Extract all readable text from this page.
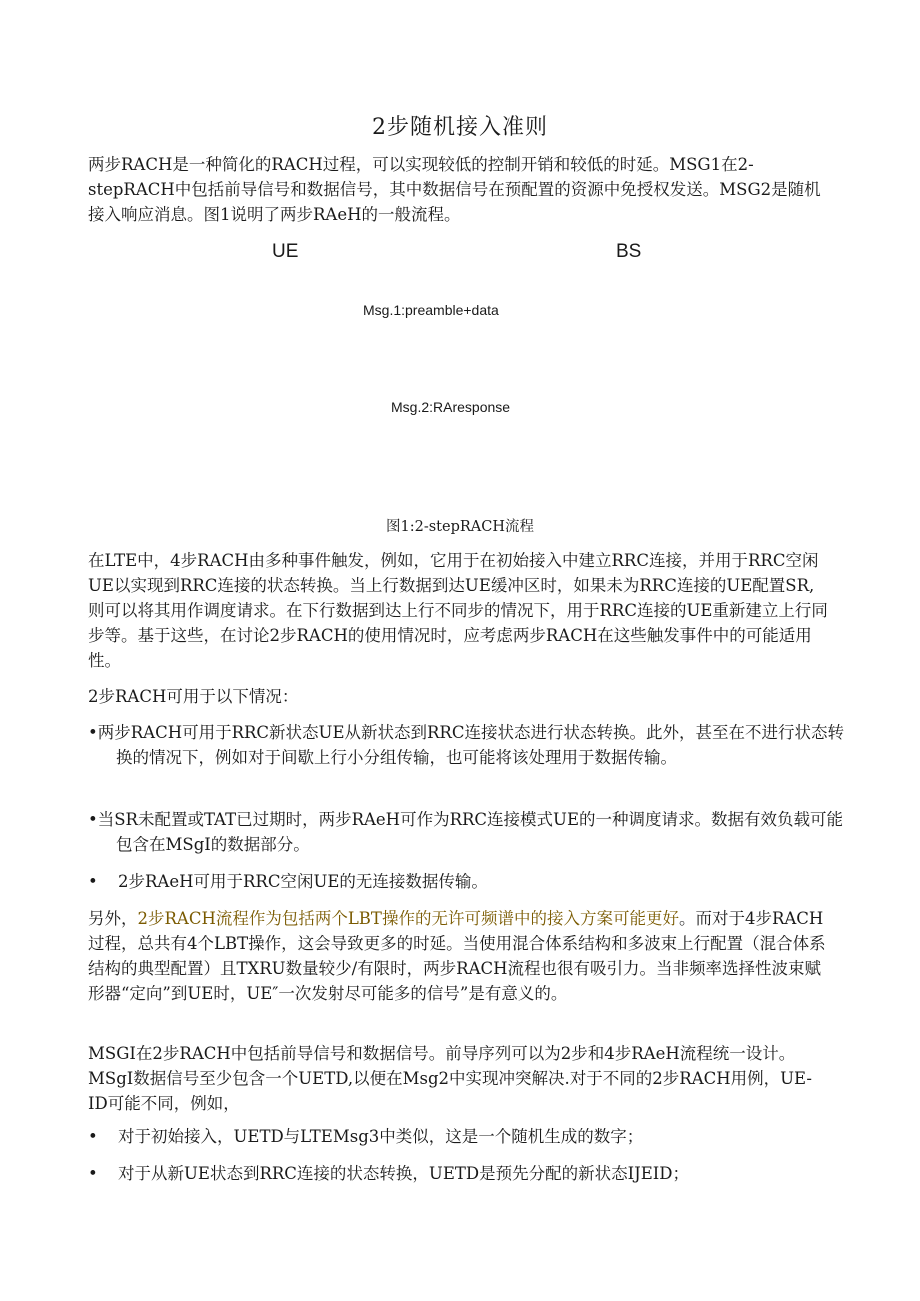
2步随机接入准则

两步RACH是一种简化的RACH过程，可以实现较低的控制开销和较低的时延。MSG1在2-stepRACH中包括前导信号和数据信号，其中数据信号在预配置的资源中免授权发送。MSG2是随机接入响应消息。图1说明了两步RAeH的一般流程。

UE	BS
Msg.1:preamble+data
Msg.2:RAresponse
图1:2-stepRACH流程

在LTE中，4步RACH由多种事件触发，例如，它用于在初始接入中建立RRC连接，并用于RRC空闲UE以实现到RRC连接的状态转换。当上行数据到达UE缓冲区时，如果未为RRC连接的UE配置SR,则可以将其用作调度请求。在下行数据到达上行不同步的情况下，用于RRC连接的UE重新建立上行同步等。基于这些，在讨论2步RACH的使用情况时，应考虑两步RACH在这些触发事件中的可能适用性。

2步RACH可用于以下情况：

•两步RACH可用于RRC新状态UE从新状态到RRC连接状态进行状态转换。此外，甚至在不进行状态转换的情况下，例如对于间歇上行小分组传输，也可能将该处理用于数据传输。

•当SR未配置或TAT已过期时，两步RAeH可作为RRC连接模式UE的一种调度请求。数据有效负载可能包含在MSgI的数据部分。

• 2步RAeH可用于RRC空闲UE的无连接数据传输。

另外，2步RACH流程作为包括两个LBT操作的无许可频谱中的接入方案可能更好。而对于4步RACH过程，总共有4个LBT操作，这会导致更多的时延。当使用混合体系结构和多波束上行配置（混合体系结构的典型配置）且TXRU数量较少/有限时，两步RACH流程也很有吸引力。当非频率选择性波束赋形器“定向”到UE时，UE″一次发射尽可能多的信号”是有意义的。

MSGI在2步RACH中包括前导信号和数据信号。前导序列可以为2步和4步RAeH流程统一设计。MSgI数据信号至少包含一个UETD,以便在Msg2中实现冲突解决.对于不同的2步RACH用例，UE-ID可能不同，例如，

• 对于初始接入，UETD与LTEMsg3中类似，这是一个随机生成的数字；

• 对于从新UE状态到RRC连接的状态转换，UETD是预先分配的新状态IJEID；
